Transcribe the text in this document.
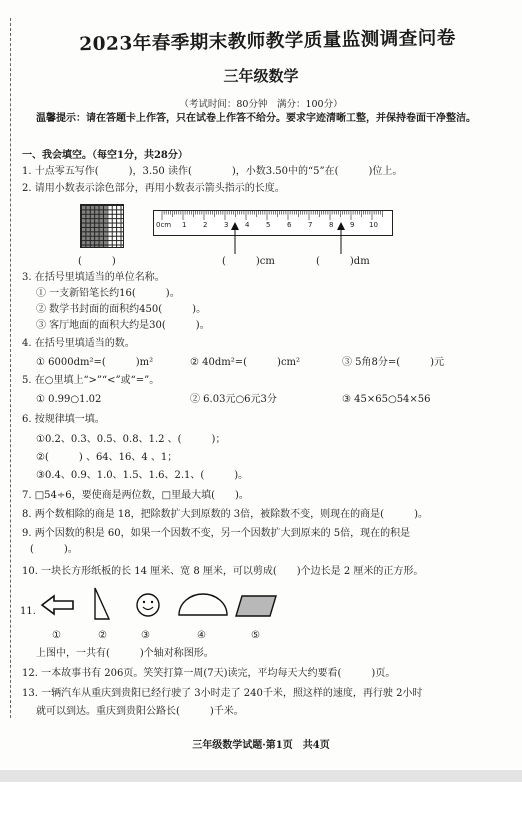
2023年春季期末教师教学质量监测调查问卷
三年级数学
（考试时间：80分钟　满分：100分）
温馨提示：请在答题卡上作答，只在试卷上作答不给分。要求字迹清晰工整，并保持卷面干净整洁。
一、我会填空。（每空1分，共28分）
1. 十点零五写作(　　　)，3.50 读作(　　　　)，小数3.50中的“5”在(　　　)位上。
2. 请用小数表示涂色部分，再用小数表示箭头指示的长度。
0cm 1 2 3 4 5 6 7 8 9 10
(　　　)	(　　　)cm	(　　　)dm
3. 在括号里填适当的单位名称。
① 一支新铅笔长约16(　　　)。
② 数学书封面的面积约450(　　　)。
③ 客厅地面的面积大约是30(　　　)。
4. 在括号里填适当的数。
① 6000dm²=(　　　)m²	② 40dm²=(　　　)cm²	③ 5角8分=(　　　)元
5. 在○里填上“>”“<”或“=”。
① 0.99○1.02	② 6.03元○6元3分	③ 45×65○54×56
6. 按规律填一填。
①0.2、0.3、0.5、0.8、1.2 、(　　　)；
②(　　　) 、64、16、4 、1；
③0.4、0.9、1.0、1.5、1.6、2.1、(　　　)。
7. □54÷6，要使商是两位数，□里最大填(　　)。
8. 两个数相除的商是 18，把除数扩大到原数的 3倍，被除数不变，则现在的商是(　　　)。
9. 两个因数的积是 60，如果一个因数不变，另一个因数扩大到原来的 5倍，现在的积是
(　　　)。
10. 一块长方形纸板的长 14 厘米、宽 8 厘米，可以剪成(　　)个边长是 2 厘米的正方形。
11.
①	②	③	④	⑤
上图中，一共有(　　　)个轴对称图形。
12. 一本故事书有 206页。笑笑打算一周(7天)读完，平均每天大约要看(　　　)页。
13. 一辆汽车从重庆到贵阳已经行驶了 3小时走了 240千米，照这样的速度，再行驶 2小时
就可以到达。重庆到贵阳公路长(　　　)千米。
三年级数学试题·第1页　共4页
